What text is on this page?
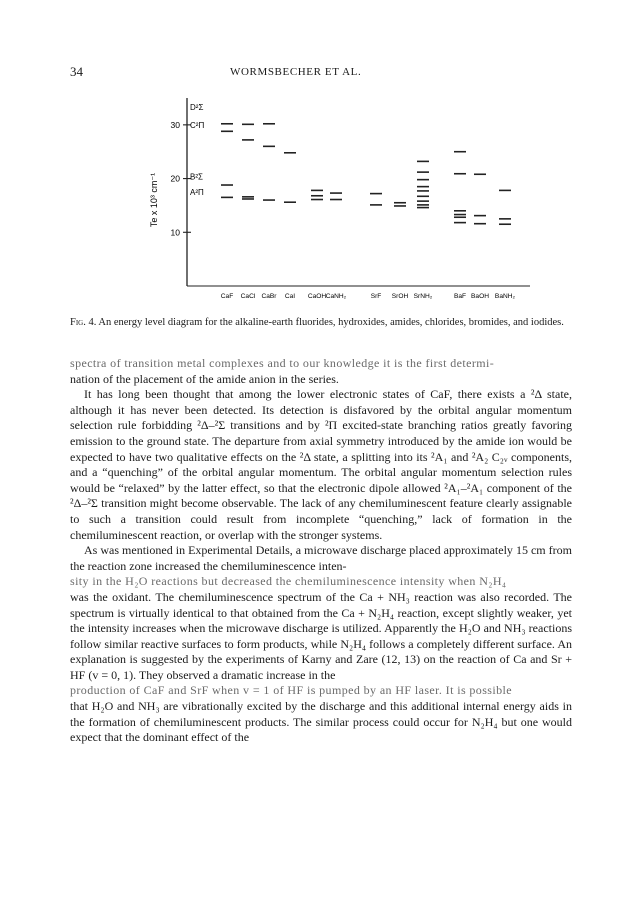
34	WORMSBECHER ET AL.
Te x 10³ cm⁻¹
10
20
30
D²Σ
C²Π
B²Σ
A²Π
CaF CaCl CaBr CaI CaOH CaNH₂	SrF SrOH SrNH₂	BaF BaOH BaNH₂
Fig. 4. An energy level diagram for the alkaline-earth fluorides, hydroxides, amides, chlorides, bromides, and iodides.

spectra of transition metal complexes and to our knowledge it is the first determi-

nation of the placement of the amide anion in the series.

It has long been thought that among the lower electronic states of CaF, there exists a ²Δ state, although it has never been detected. Its detection is disfavored by the orbital angular momentum selection rule forbidding ²Δ–²Σ transitions and by ²Π excited-state branching ratios greatly favoring emission to the ground state. The departure from axial symmetry introduced by the amide ion would be expected to have two qualitative effects on the ²Δ state, a splitting into its ²A₁ and ²A₂ C₂ᵥ components, and a “quenching” of the orbital angular momentum. The orbital angular momentum selection rules would be “relaxed” by the latter effect, so that the electronic dipole allowed ²A₁–²A₁ component of the ²Δ–²Σ transition might become observable. The lack of any chemiluminescent feature clearly assignable to such a transition could result from incomplete “quenching,” lack of formation in the chemiluminescent reaction, or overlap with the stronger systems.

As was mentioned in Experimental Details, a microwave discharge placed approximately 15 cm from the reaction zone increased the chemiluminescence inten-

sity in the H₂O reactions but decreased the chemiluminescence intensity when N₂H₄

was the oxidant. The chemiluminescence spectrum of the Ca + NH₃ reaction was also recorded. The spectrum is virtually identical to that obtained from the Ca + N₂H₄ reaction, except slightly weaker, yet the intensity increases when the microwave discharge is utilized. Apparently the H₂O and NH₃ reactions follow similar reactive surfaces to form products, while N₂H₄ follows a completely different surface. An explanation is suggested by the experiments of Karny and Zare (12, 13) on the reaction of Ca and Sr + HF (v = 0, 1). They observed a dramatic increase in the

production of CaF and SrF when v = 1 of HF is pumped by an HF laser. It is possible

that H₂O and NH₃ are vibrationally excited by the discharge and this additional internal energy aids in the formation of chemiluminescent products. The similar process could occur for N₂H₄ but one would expect that the dominant effect of the
